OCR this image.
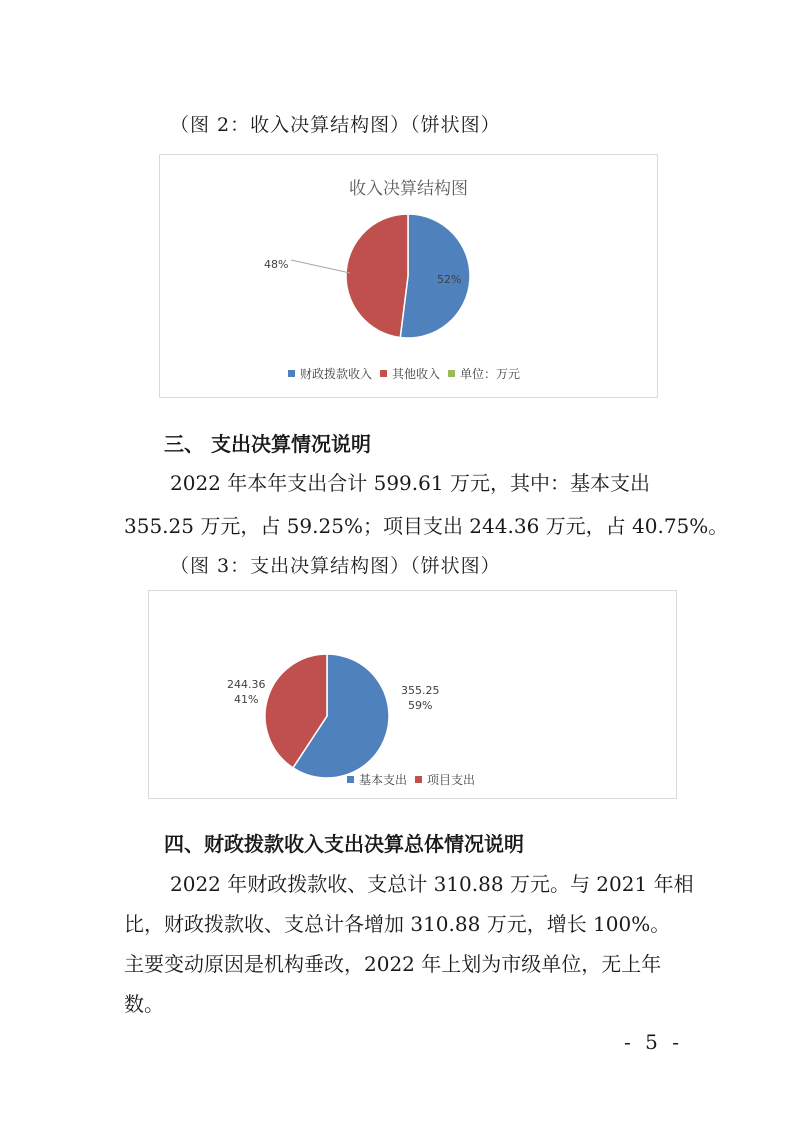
（图 2：收入决算结构图）（饼状图）
收入决算结构图
52%
48%
财政拨款收入 其他收入 单位：万元
三、 支出决算情况说明
2022 年本年支出合计 599.61 万元，其中：基本支出
355.25 万元，占 59.25%；项目支出 244.36 万元，占 40.75%。
（图 3：支出决算结构图）（饼状图）
355.25
59%
244.36
41%
基本支出 项目支出
四、财政拨款收入支出决算总体情况说明
2022 年财政拨款收、支总计 310.88 万元。与 2021 年相
比，财政拨款收、支总计各增加 310.88 万元，增长 100%。
主要变动原因是机构垂改，2022 年上划为市级单位，无上年
数。
- 5 -
